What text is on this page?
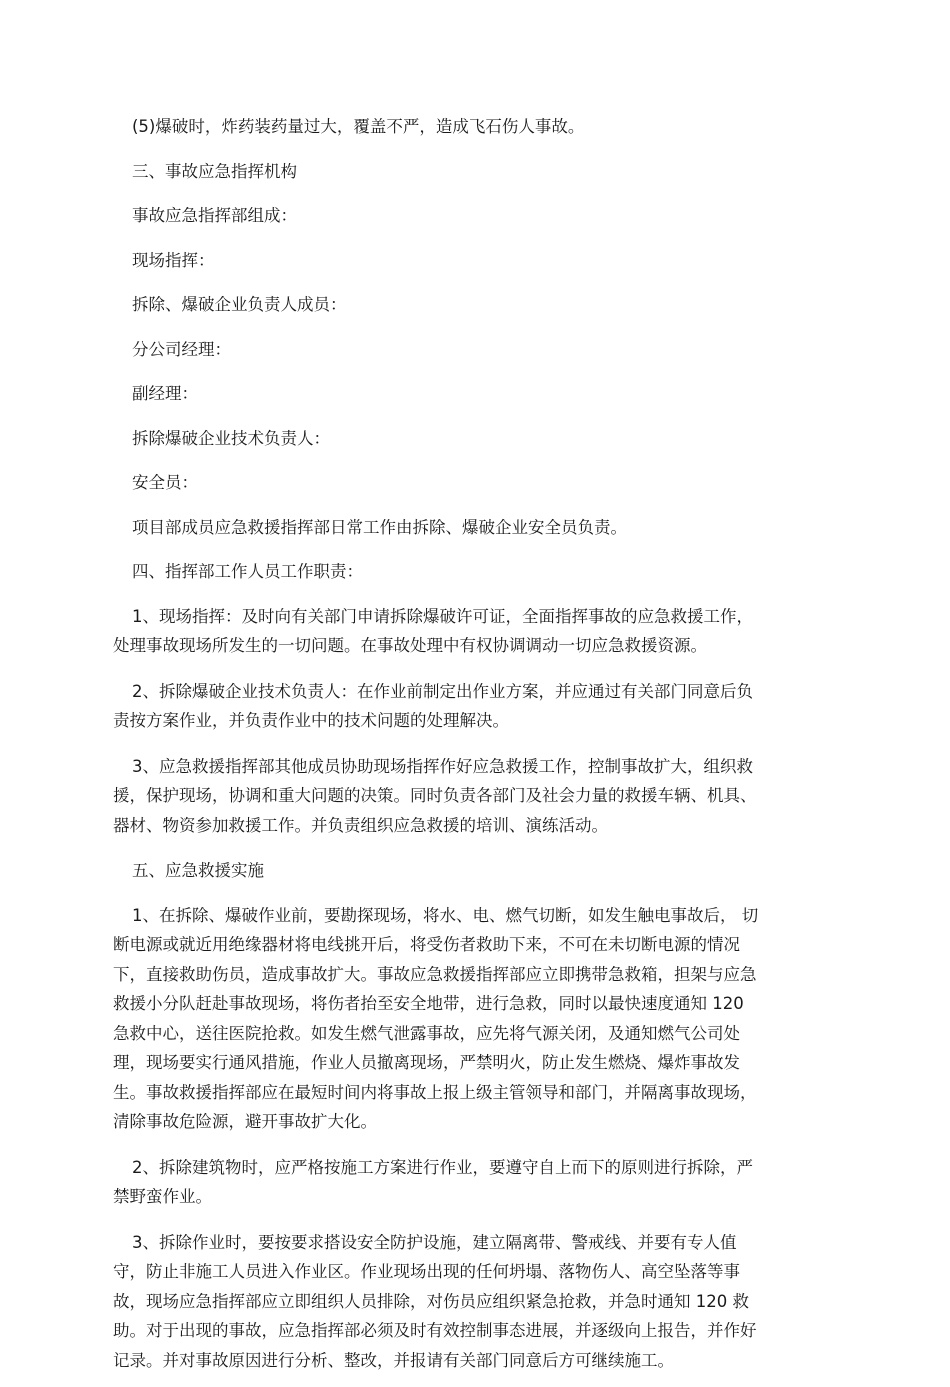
(5)爆破时，炸药装药量过大，覆盖不严，造成飞石伤人事故。

三、事故应急指挥机构

事故应急指挥部组成：

现场指挥：

拆除、爆破企业负责人成员：

分公司经理：

副经理：

拆除爆破企业技术负责人：

安全员：

项目部成员应急救援指挥部日常工作由拆除、爆破企业安全员负责。

四、指挥部工作人员工作职责：

1、现场指挥：及时向有关部门申请拆除爆破许可证，全面指挥事故的应急救援工作，
处理事故现场所发生的一切问题。在事故处理中有权协调调动一切应急救援资源。

2、拆除爆破企业技术负责人：在作业前制定出作业方案，并应通过有关部门同意后负
责按方案作业，并负责作业中的技术问题的处理解决。

3、应急救援指挥部其他成员协助现场指挥作好应急救援工作，控制事故扩大，组织救
援，保护现场，协调和重大问题的决策。同时负责各部门及社会力量的救援车辆、机具、
器材、物资参加救援工作。并负责组织应急救援的培训、演练活动。

五、应急救援实施

1、在拆除、爆破作业前，要勘探现场，将水、电、燃气切断，如发生触电事故后， 切
断电源或就近用绝缘器材将电线挑开后，将受伤者救助下来，不可在未切断电源的情况
下，直接救助伤员，造成事故扩大。事故应急救援指挥部应立即携带急救箱，担架与应急
救援小分队赶赴事故现场，将伤者抬至安全地带，进行急救，同时以最快速度通知 120
急救中心，送往医院抢救。如发生燃气泄露事故，应先将气源关闭，及通知燃气公司处
理，现场要实行通风措施，作业人员撤离现场，严禁明火，防止发生燃烧、爆炸事故发
生。事故救援指挥部应在最短时间内将事故上报上级主管领导和部门，并隔离事故现场，
清除事故危险源，避开事故扩大化。

2、拆除建筑物时，应严格按施工方案进行作业，要遵守自上而下的原则进行拆除，严
禁野蛮作业。

3、拆除作业时，要按要求搭设安全防护设施，建立隔离带、警戒线、并要有专人值
守，防止非施工人员进入作业区。作业现场出现的任何坍塌、落物伤人、高空坠落等事
故，现场应急指挥部应立即组织人员排除，对伤员应组织紧急抢救，并急时通知 120 救
助。对于出现的事故，应急指挥部必须及时有效控制事态进展，并逐级向上报告，并作好
记录。并对事故原因进行分析、整改，并报请有关部门同意后方可继续施工。
